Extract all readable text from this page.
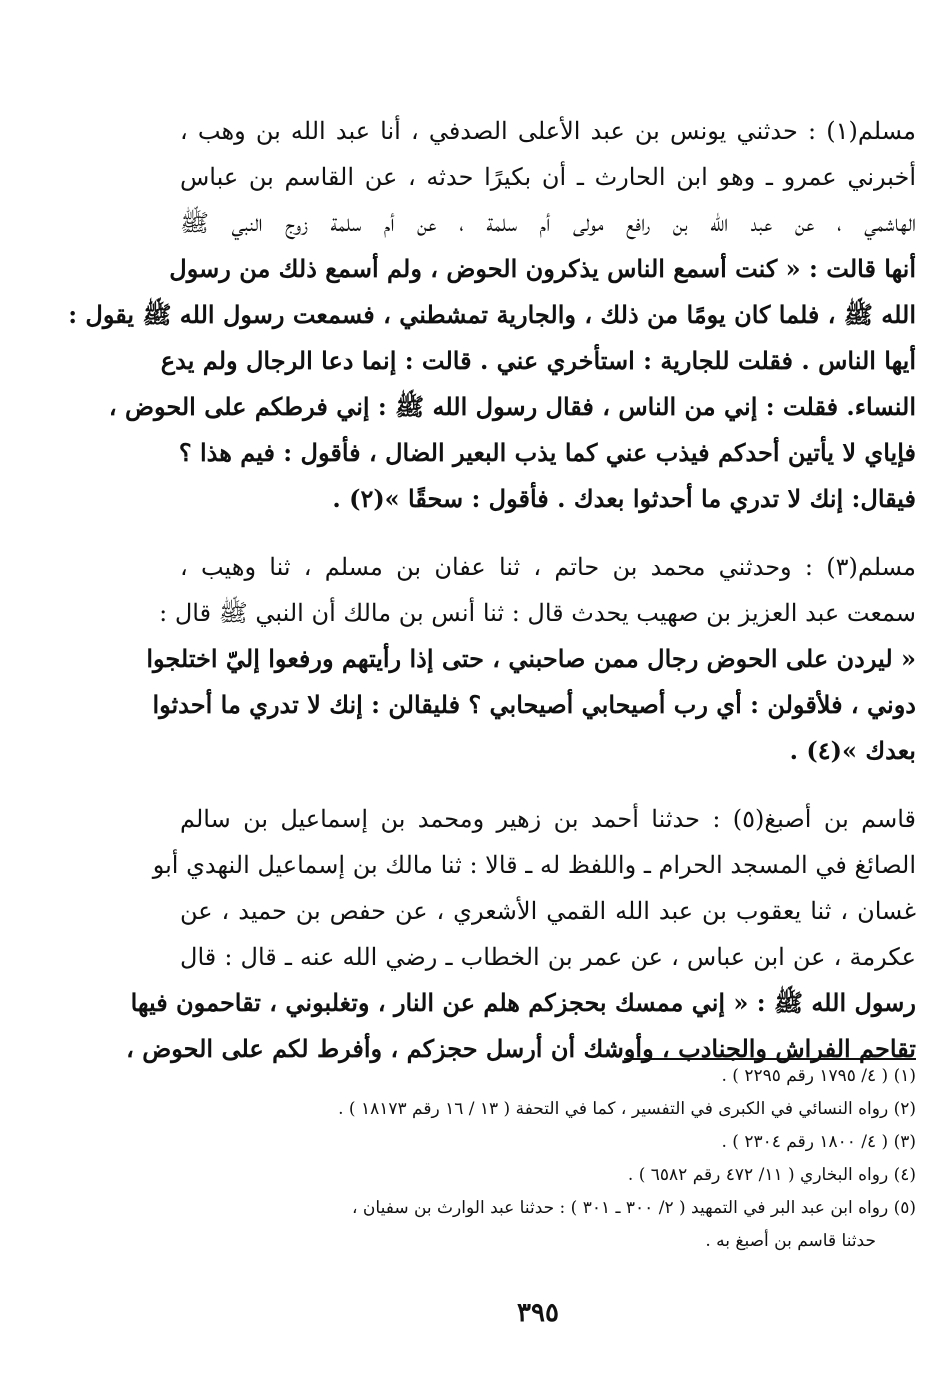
مسلم(١) : حدثني يونس بن عبد الأعلى الصدفي ، أنا عبد الله بن وهب ،
أخبرني عمرو ـ وهو ابن الحارث ـ أن بكيرًا حدثه ، عن القاسم بن عباس
الهاشمي ، عن عبد الله بن رافع مولى أم سلمة ، عن أم سلمة زوج النبي ﷺ
أنها قالت : « كنت أسمع الناس يذكرون الحوض ، ولم أسمع ذلك من رسول
الله ﷺ ، فلما كان يومًا من ذلك ، والجارية تمشطني ، فسمعت رسول الله ﷺ يقول :
أيها الناس . فقلت للجارية : استأخري عني . قالت : إنما دعا الرجال ولم يدع
النساء. فقلت : إني من الناس ، فقال رسول الله ﷺ : إني فرطكم على الحوض ،
فإياي لا يأتين أحدكم فيذب عني كما يذب البعير الضال ، فأقول : فيم هذا ؟
فيقال: إنك لا تدري ما أحدثوا بعدك . فأقول : سحقًا »(٢) .
مسلم(٣) : وحدثني محمد بن حاتم ، ثنا عفان بن مسلم ، ثنا وهيب ،
سمعت عبد العزيز بن صهيب يحدث قال : ثنا أنس بن مالك أن النبي ﷺ قال :
« ليردن على الحوض رجال ممن صاحبني ، حتى إذا رأيتهم ورفعوا إليّ اختلجوا
دوني ، فلأقولن : أي رب أصيحابي أصيحابي ؟ فليقالن : إنك لا تدري ما أحدثوا
بعدك »(٤) .
قاسم بن أصبغ(٥) : حدثنا أحمد بن زهير ومحمد بن إسماعيل بن سالم
الصائغ في المسجد الحرام ـ واللفظ له ـ قالا : ثنا مالك بن إسماعيل النهدي أبو
غسان ، ثنا يعقوب بن عبد الله القمي الأشعري ، عن حفص بن حميد ، عن
عكرمة ، عن ابن عباس ، عن عمر بن الخطاب ـ رضي الله عنه ـ قال : قال
رسول الله ﷺ : « إني ممسك بحجزكم هلم عن النار ، وتغلبوني ، تقاحمون فيها
تقاحم الفراش والجنادب ، وأوشك أن أرسل حجزكم ، وأفرط لكم على الحوض ،
(١) ( ٤/ ١٧٩٥ رقم ٢٢٩٥ ) .
(٢) رواه النسائي في الكبرى في التفسير ، كما في التحفة ( ١٣ / ١٦ رقم ١٨١٧٣ ) .
(٣) ( ٤/ ١٨٠٠ رقم ٢٣٠٤ ) .
(٤) رواه البخاري ( ١١/ ٤٧٢ رقم ٦٥٨٢ ) .
(٥) رواه ابن عبد البر في التمهيد ( ٢/ ٣٠٠ ـ ٣٠١ ) : حدثنا عبد الوارث بن سفيان ،
حدثنا قاسم بن أصبغ به .
٣٩٥
